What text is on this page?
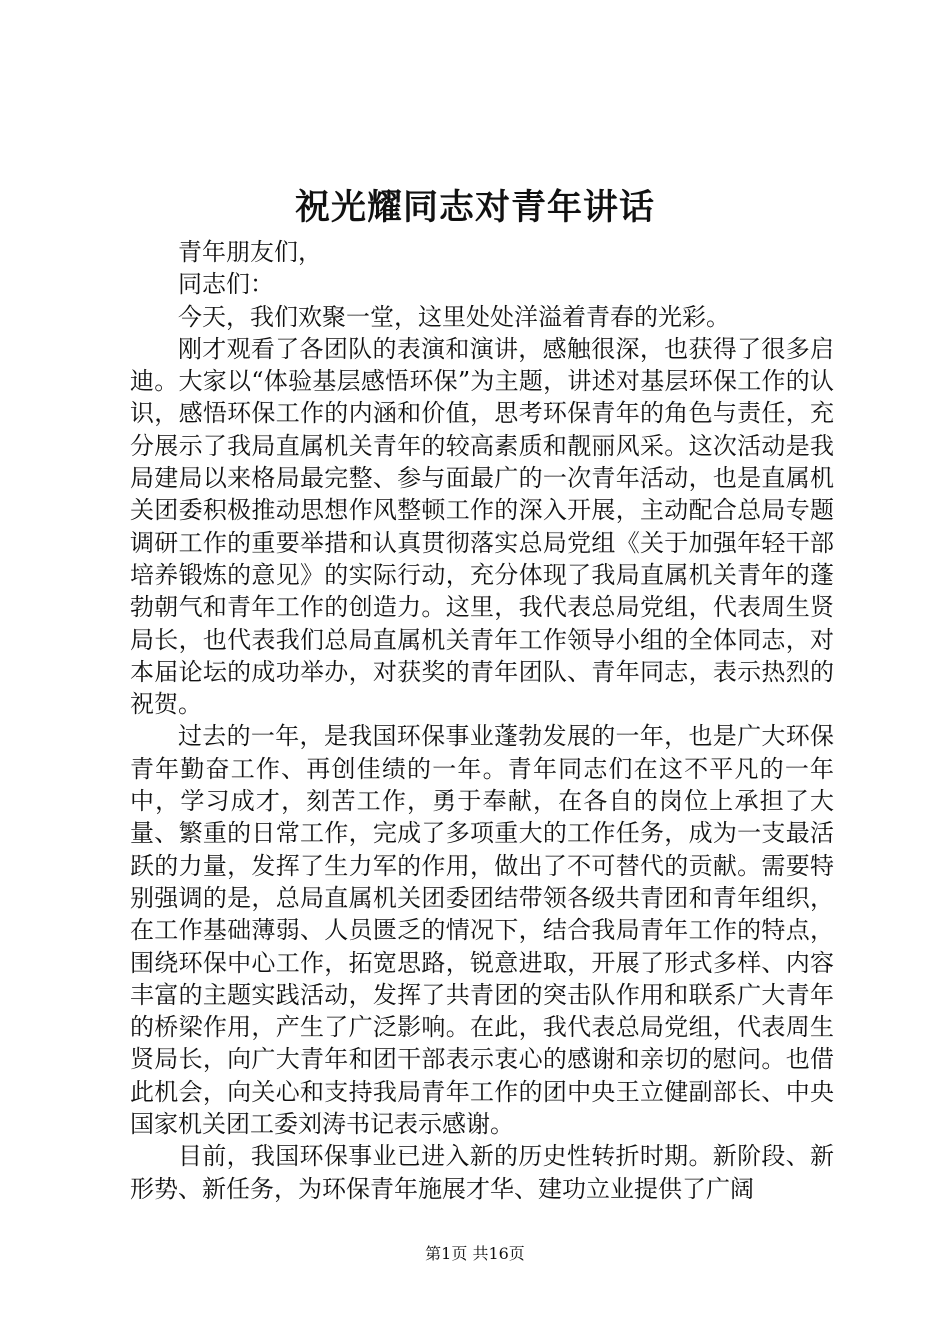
祝光耀同志对青年讲话

青年朋友们，

同志们：

今天，我们欢聚一堂，这里处处洋溢着青春的光彩。

刚才观看了各团队的表演和演讲，感触很深，也获得了很多启迪。大家以“体验基层感悟环保”为主题，讲述对基层环保工作的认识，感悟环保工作的内涵和价值，思考环保青年的角色与责任，充分展示了我局直属机关青年的较高素质和靓丽风采。这次活动是我局建局以来格局最完整、参与面最广的一次青年活动，也是直属机关团委积极推动思想作风整顿工作的深入开展，主动配合总局专题调研工作的重要举措和认真贯彻落实总局党组《关于加强年轻干部培养锻炼的意见》的实际行动，充分体现了我局直属机关青年的蓬勃朝气和青年工作的创造力。这里，我代表总局党组，代表周生贤局长，也代表我们总局直属机关青年工作领导小组的全体同志，对本届论坛的成功举办，对获奖的青年团队、青年同志，表示热烈的祝贺。

过去的一年，是我国环保事业蓬勃发展的一年，也是广大环保青年勤奋工作、再创佳绩的一年。青年同志们在这不平凡的一年中，学习成才，刻苦工作，勇于奉献，在各自的岗位上承担了大量、繁重的日常工作，完成了多项重大的工作任务，成为一支最活跃的力量，发挥了生力军的作用，做出了不可替代的贡献。需要特别强调的是，总局直属机关团委团结带领各级共青团和青年组织，在工作基础薄弱、人员匮乏的情况下，结合我局青年工作的特点，围绕环保中心工作，拓宽思路，锐意进取，开展了形式多样、内容丰富的主题实践活动，发挥了共青团的突击队作用和联系广大青年的桥梁作用，产生了广泛影响。在此，我代表总局党组，代表周生贤局长，向广大青年和团干部表示衷心的感谢和亲切的慰问。也借此机会，向关心和支持我局青年工作的团中央王立健副部长、中央国家机关团工委刘涛书记表示感谢。

目前，我国环保事业已进入新的历史性转折时期。新阶段、新形势、新任务，为环保青年施展才华、建功立业提供了广阔

第1页 共16页
